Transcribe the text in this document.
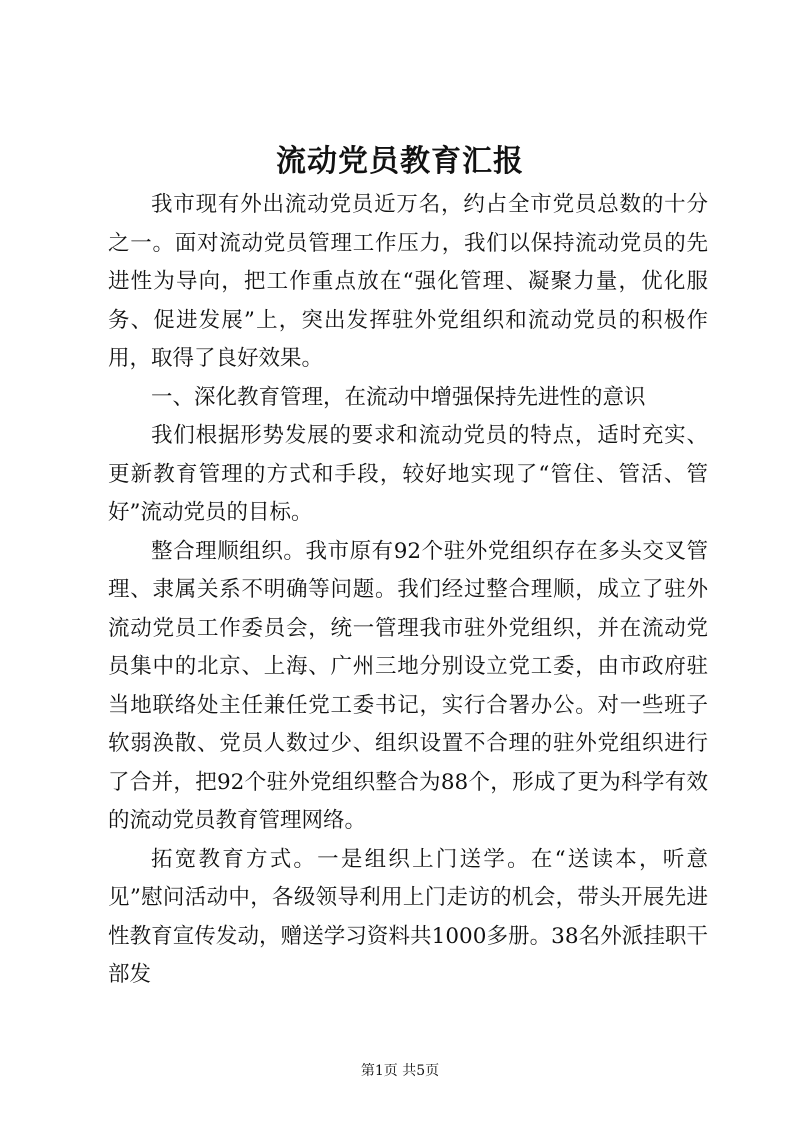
流动党员教育汇报

我市现有外出流动党员近万名，约占全市党员总数的十分之一。面对流动党员管理工作压力，我们以保持流动党员的先进性为导向，把工作重点放在“强化管理、凝聚力量，优化服务、促进发展”上，突出发挥驻外党组织和流动党员的积极作用，取得了良好效果。

一、深化教育管理，在流动中增强保持先进性的意识

我们根据形势发展的要求和流动党员的特点，适时充实、更新教育管理的方式和手段，较好地实现了“管住、管活、管好”流动党员的目标。

整合理顺组织。我市原有92个驻外党组织存在多头交叉管理、隶属关系不明确等问题。我们经过整合理顺，成立了驻外流动党员工作委员会，统一管理我市驻外党组织，并在流动党员集中的北京、上海、广州三地分别设立党工委，由市政府驻当地联络处主任兼任党工委书记，实行合署办公。对一些班子软弱涣散、党员人数过少、组织设置不合理的驻外党组织进行了合并，把92个驻外党组织整合为88个，形成了更为科学有效的流动党员教育管理网络。

拓宽教育方式。一是组织上门送学。在“送读本，听意见”慰问活动中，各级领导利用上门走访的机会，带头开展先进性教育宣传发动，赠送学习资料共1000多册。38名外派挂职干部发

第1页 共5页
